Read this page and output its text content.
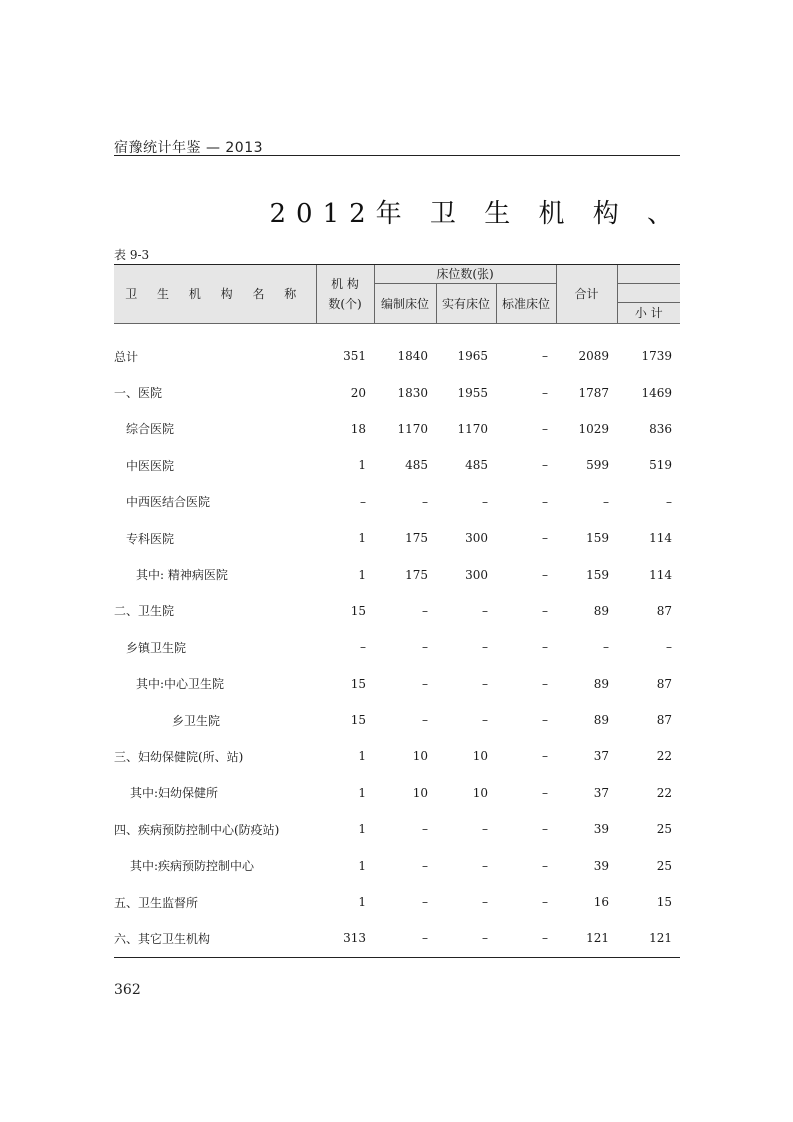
宿豫统计年鉴 — 2013
2012年 卫 生 机 构 、
表 9-3
卫 生 机 构 名 称	机 构
数(个)	床位数(张)			合计	
		编制床位	实有床位	标准床位		
						小 计

总计	351	1840	1965	–	2089	1739
一、医院	20	1830	1955	–	1787	1469
综合医院	18	1170	1170	–	1029	836
中医医院	1	485	485	–	599	519
中西医结合医院	–	–	–	–	–	–
专科医院	1	175	300	–	159	114
其中: 精神病医院	1	175	300	–	159	114
二、卫生院	15	–	–	–	89	87
乡镇卫生院	–	–	–	–	–	–
其中:中心卫生院	15	–	–	–	89	87
乡卫生院	15	–	–	–	89	87
三、妇幼保健院(所、站)	1	10	10	–	37	22
其中:妇幼保健所	1	10	10	–	37	22
四、疾病预防控制中心(防疫站)	1	–	–	–	39	25
其中:疾病预防控制中心	1	–	–	–	39	25
五、卫生监督所	1	–	–	–	16	15
六、其它卫生机构	313	–	–	–	121	121
362
